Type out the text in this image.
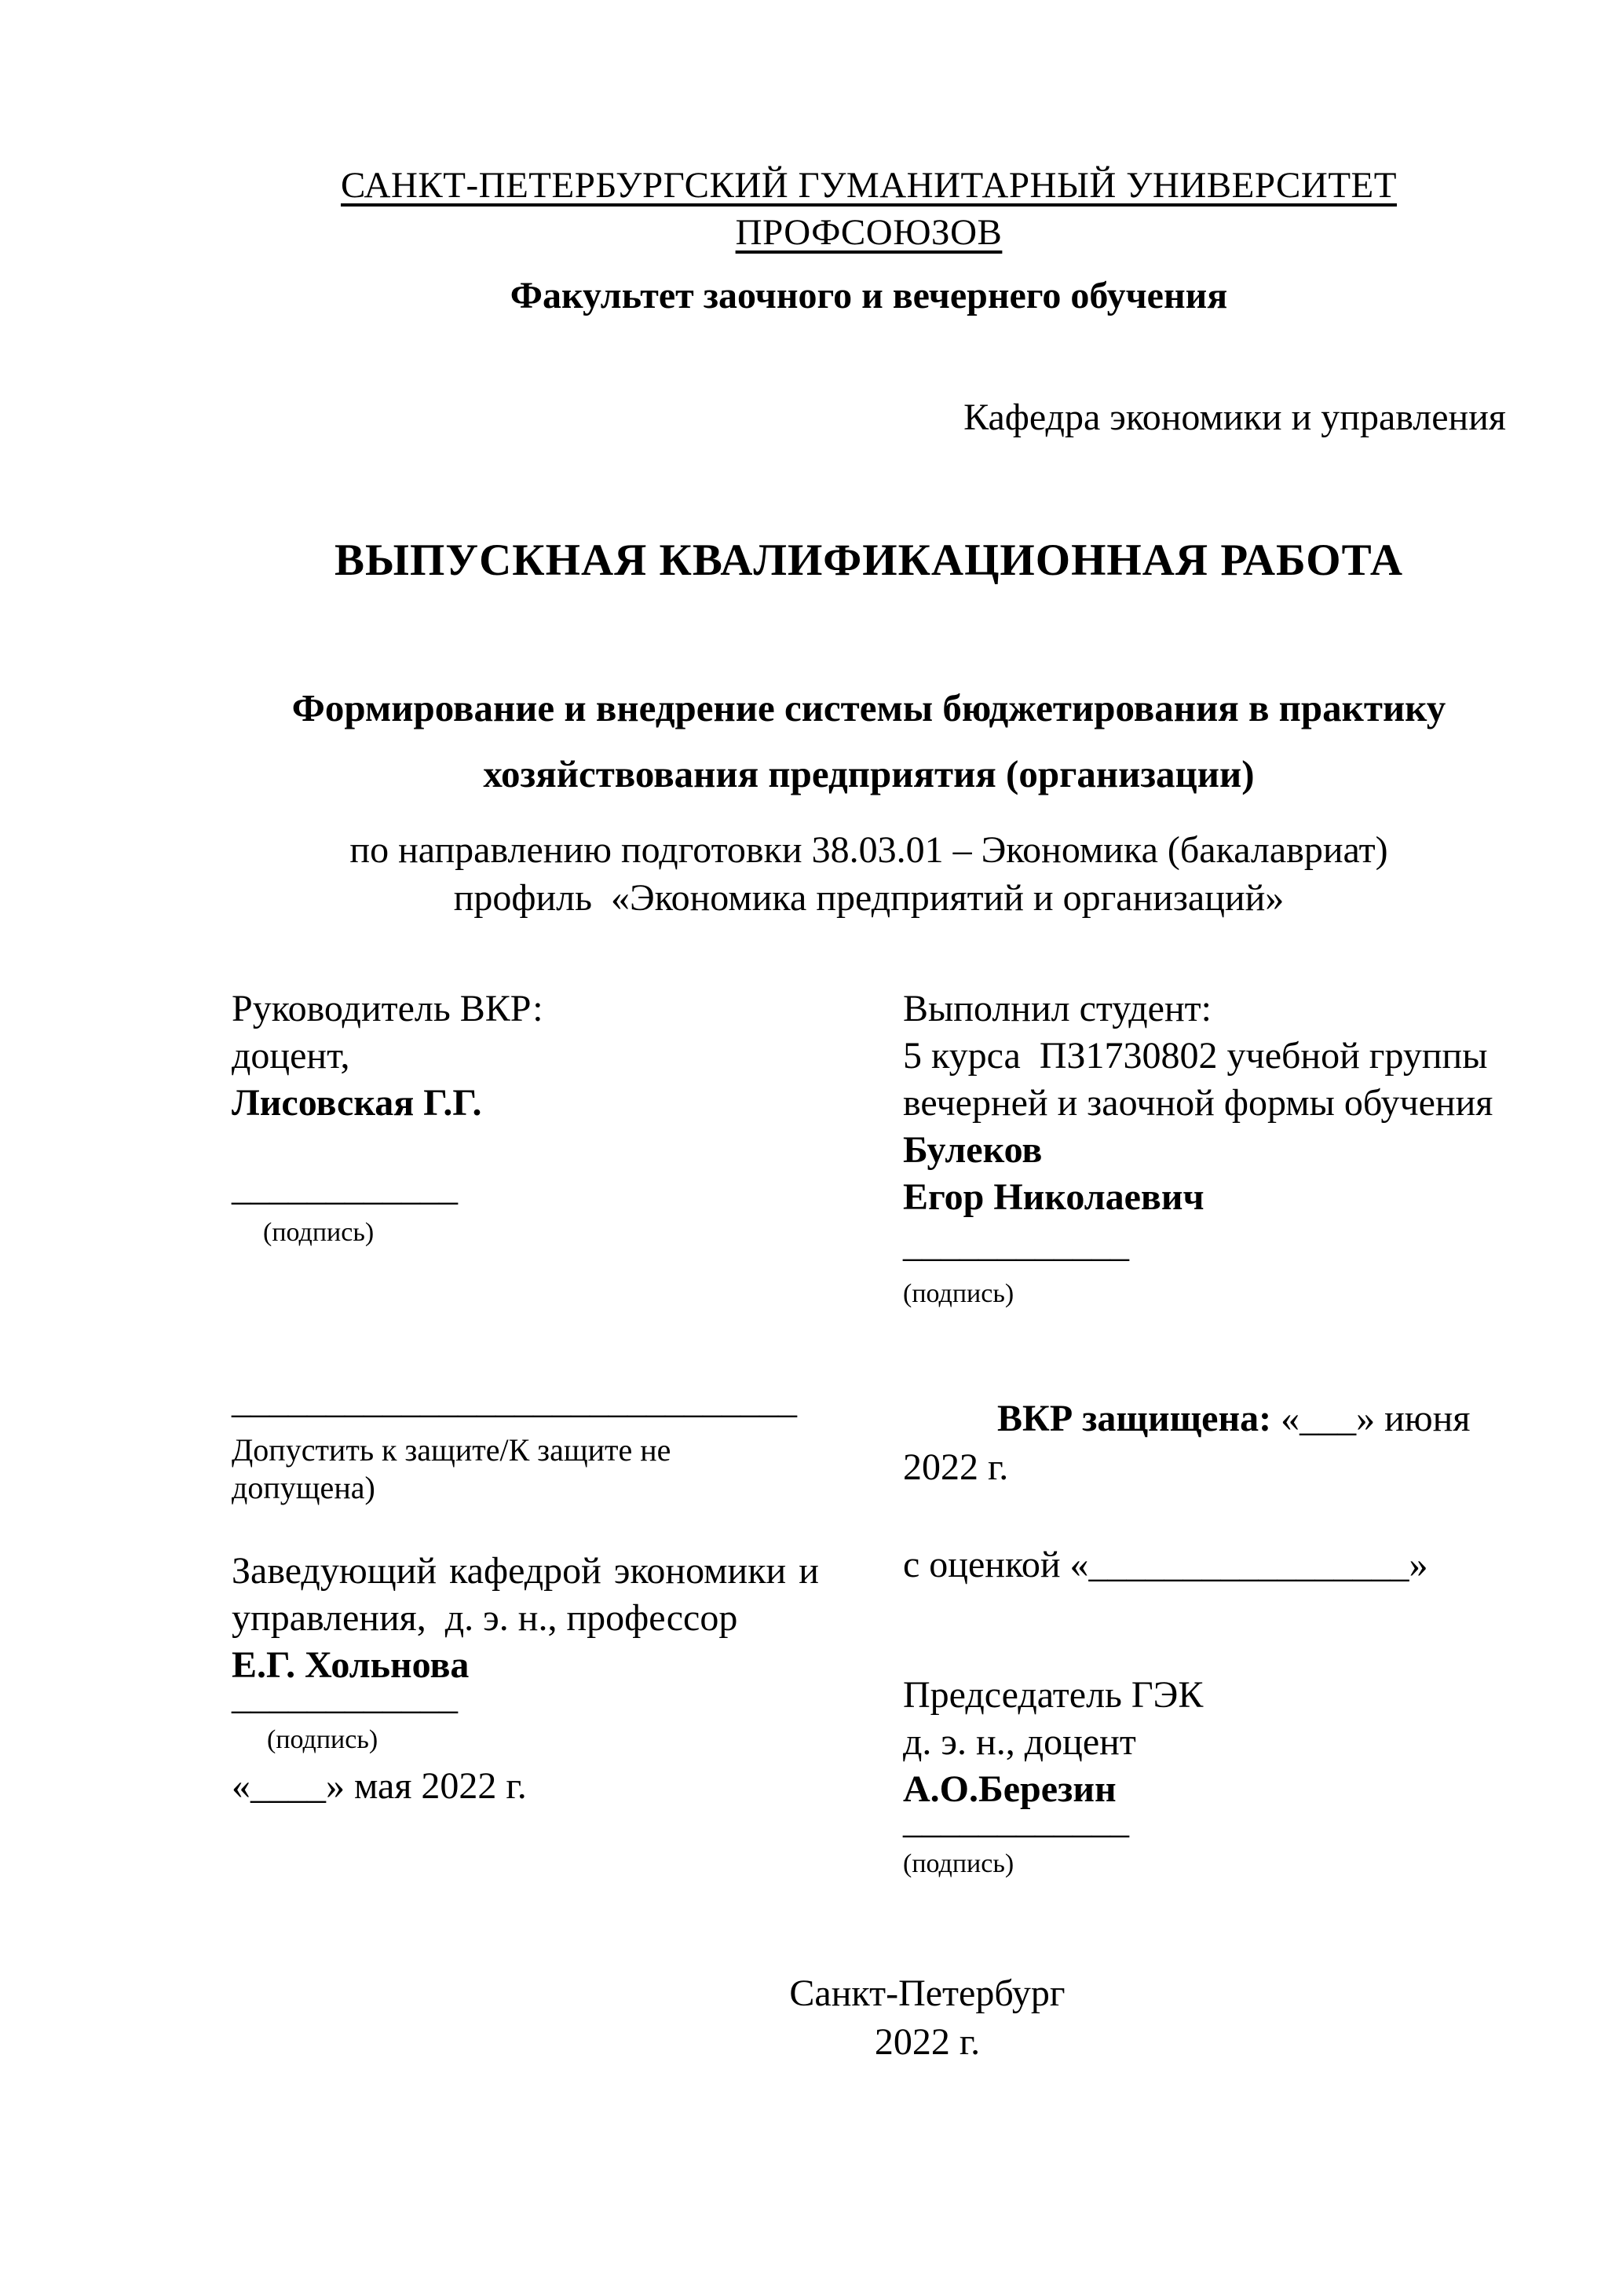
САНКТ-ПЕТЕРБУРГСКИЙ ГУМАНИТАРНЫЙ УНИВЕРСИТЕТ ПРОФСОЮЗОВ
Факультет заочного и вечернего обучения
Кафедра экономики и управления
ВЫПУСКНАЯ КВАЛИФИКАЦИОННАЯ РАБОТА
Формирование и внедрение системы бюджетирования в практику
хозяйствования предприятия (организации)
по направлению подготовки 38.03.01 – Экономика (бакалавриат)
профиль  «Экономика предприятий и организаций»
Руководитель ВКР:
доцент,
Лисовская Г.Г.
____________
(подпись)
______________________________
Допустить к защите/К защите не допущена)
Заведующий кафедрой экономики и
управления,  д. э. н., профессор
Е.Г. Хольнова
____________
(подпись)
«____» мая 2022 г.
Выполнил студент:
5 курса  ПЗ1730802 учебной группы
вечерней и заочной формы обучения
Булеков
Егор Николаевич
____________
(подпись)

ВКР защищена: «___» июня 2022 г.

с оценкой «_________________»
Председатель ГЭК
д. э. н., доцент
А.О.Березин
____________
(подпись)
Санкт-Петербург
2022 г.
